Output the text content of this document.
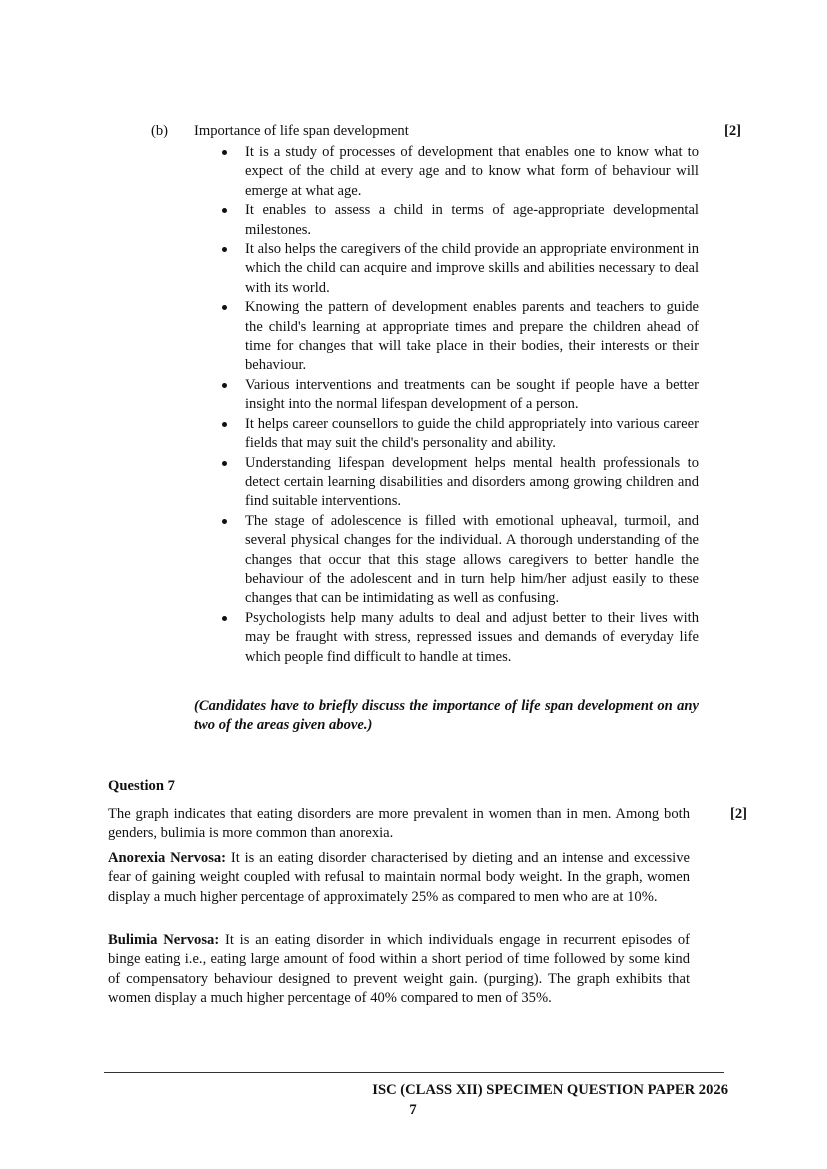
(b) Importance of life span development	[2]
It is a study of processes of development that enables one to know what to expect of the child at every age and to know what form of behaviour will emerge at what age.
It enables to assess a child in terms of age-appropriate developmental milestones.
It also helps the caregivers of the child provide an appropriate environment in which the child can acquire and improve skills and abilities necessary to deal with its world.
Knowing the pattern of development enables parents and teachers to guide the child's learning at appropriate times and prepare the children ahead of time for changes that will take place in their bodies, their interests or their behaviour.
Various interventions and treatments can be sought if people have a better insight into the normal lifespan development of a person.
It helps career counsellors to guide the child appropriately into various career fields that may suit the child's personality and ability.
Understanding lifespan development helps mental health professionals to detect certain learning disabilities and disorders among growing children and find suitable interventions.
The stage of adolescence is filled with emotional upheaval, turmoil, and several physical changes for the individual. A thorough understanding of the changes that occur that this stage allows caregivers to better handle the behaviour of the adolescent and in turn help him/her adjust easily to these changes that can be intimidating as well as confusing.
Psychologists help many adults to deal and adjust better to their lives with may be fraught with stress, repressed issues and demands of everyday life which people find difficult to handle at times.
(Candidates have to briefly discuss the importance of life span development on any two of the areas given above.)
Question 7
The graph indicates that eating disorders are more prevalent in women than in men. Among both genders, bulimia is more common than anorexia.
[2]
Anorexia Nervosa: It is an eating disorder characterised by dieting and an intense and excessive fear of gaining weight coupled with refusal to maintain normal body weight. In the graph, women display a much higher percentage of approximately 25% as compared to men who are at 10%.
Bulimia Nervosa: It is an eating disorder in which individuals engage in recurrent episodes of binge eating i.e., eating large amount of food within a short period of time followed by some kind of compensatory behaviour designed to prevent weight gain. (purging). The graph exhibits that women display a much higher percentage of 40% compared to men of 35%.
ISC (CLASS XII) SPECIMEN QUESTION PAPER 2026
7
